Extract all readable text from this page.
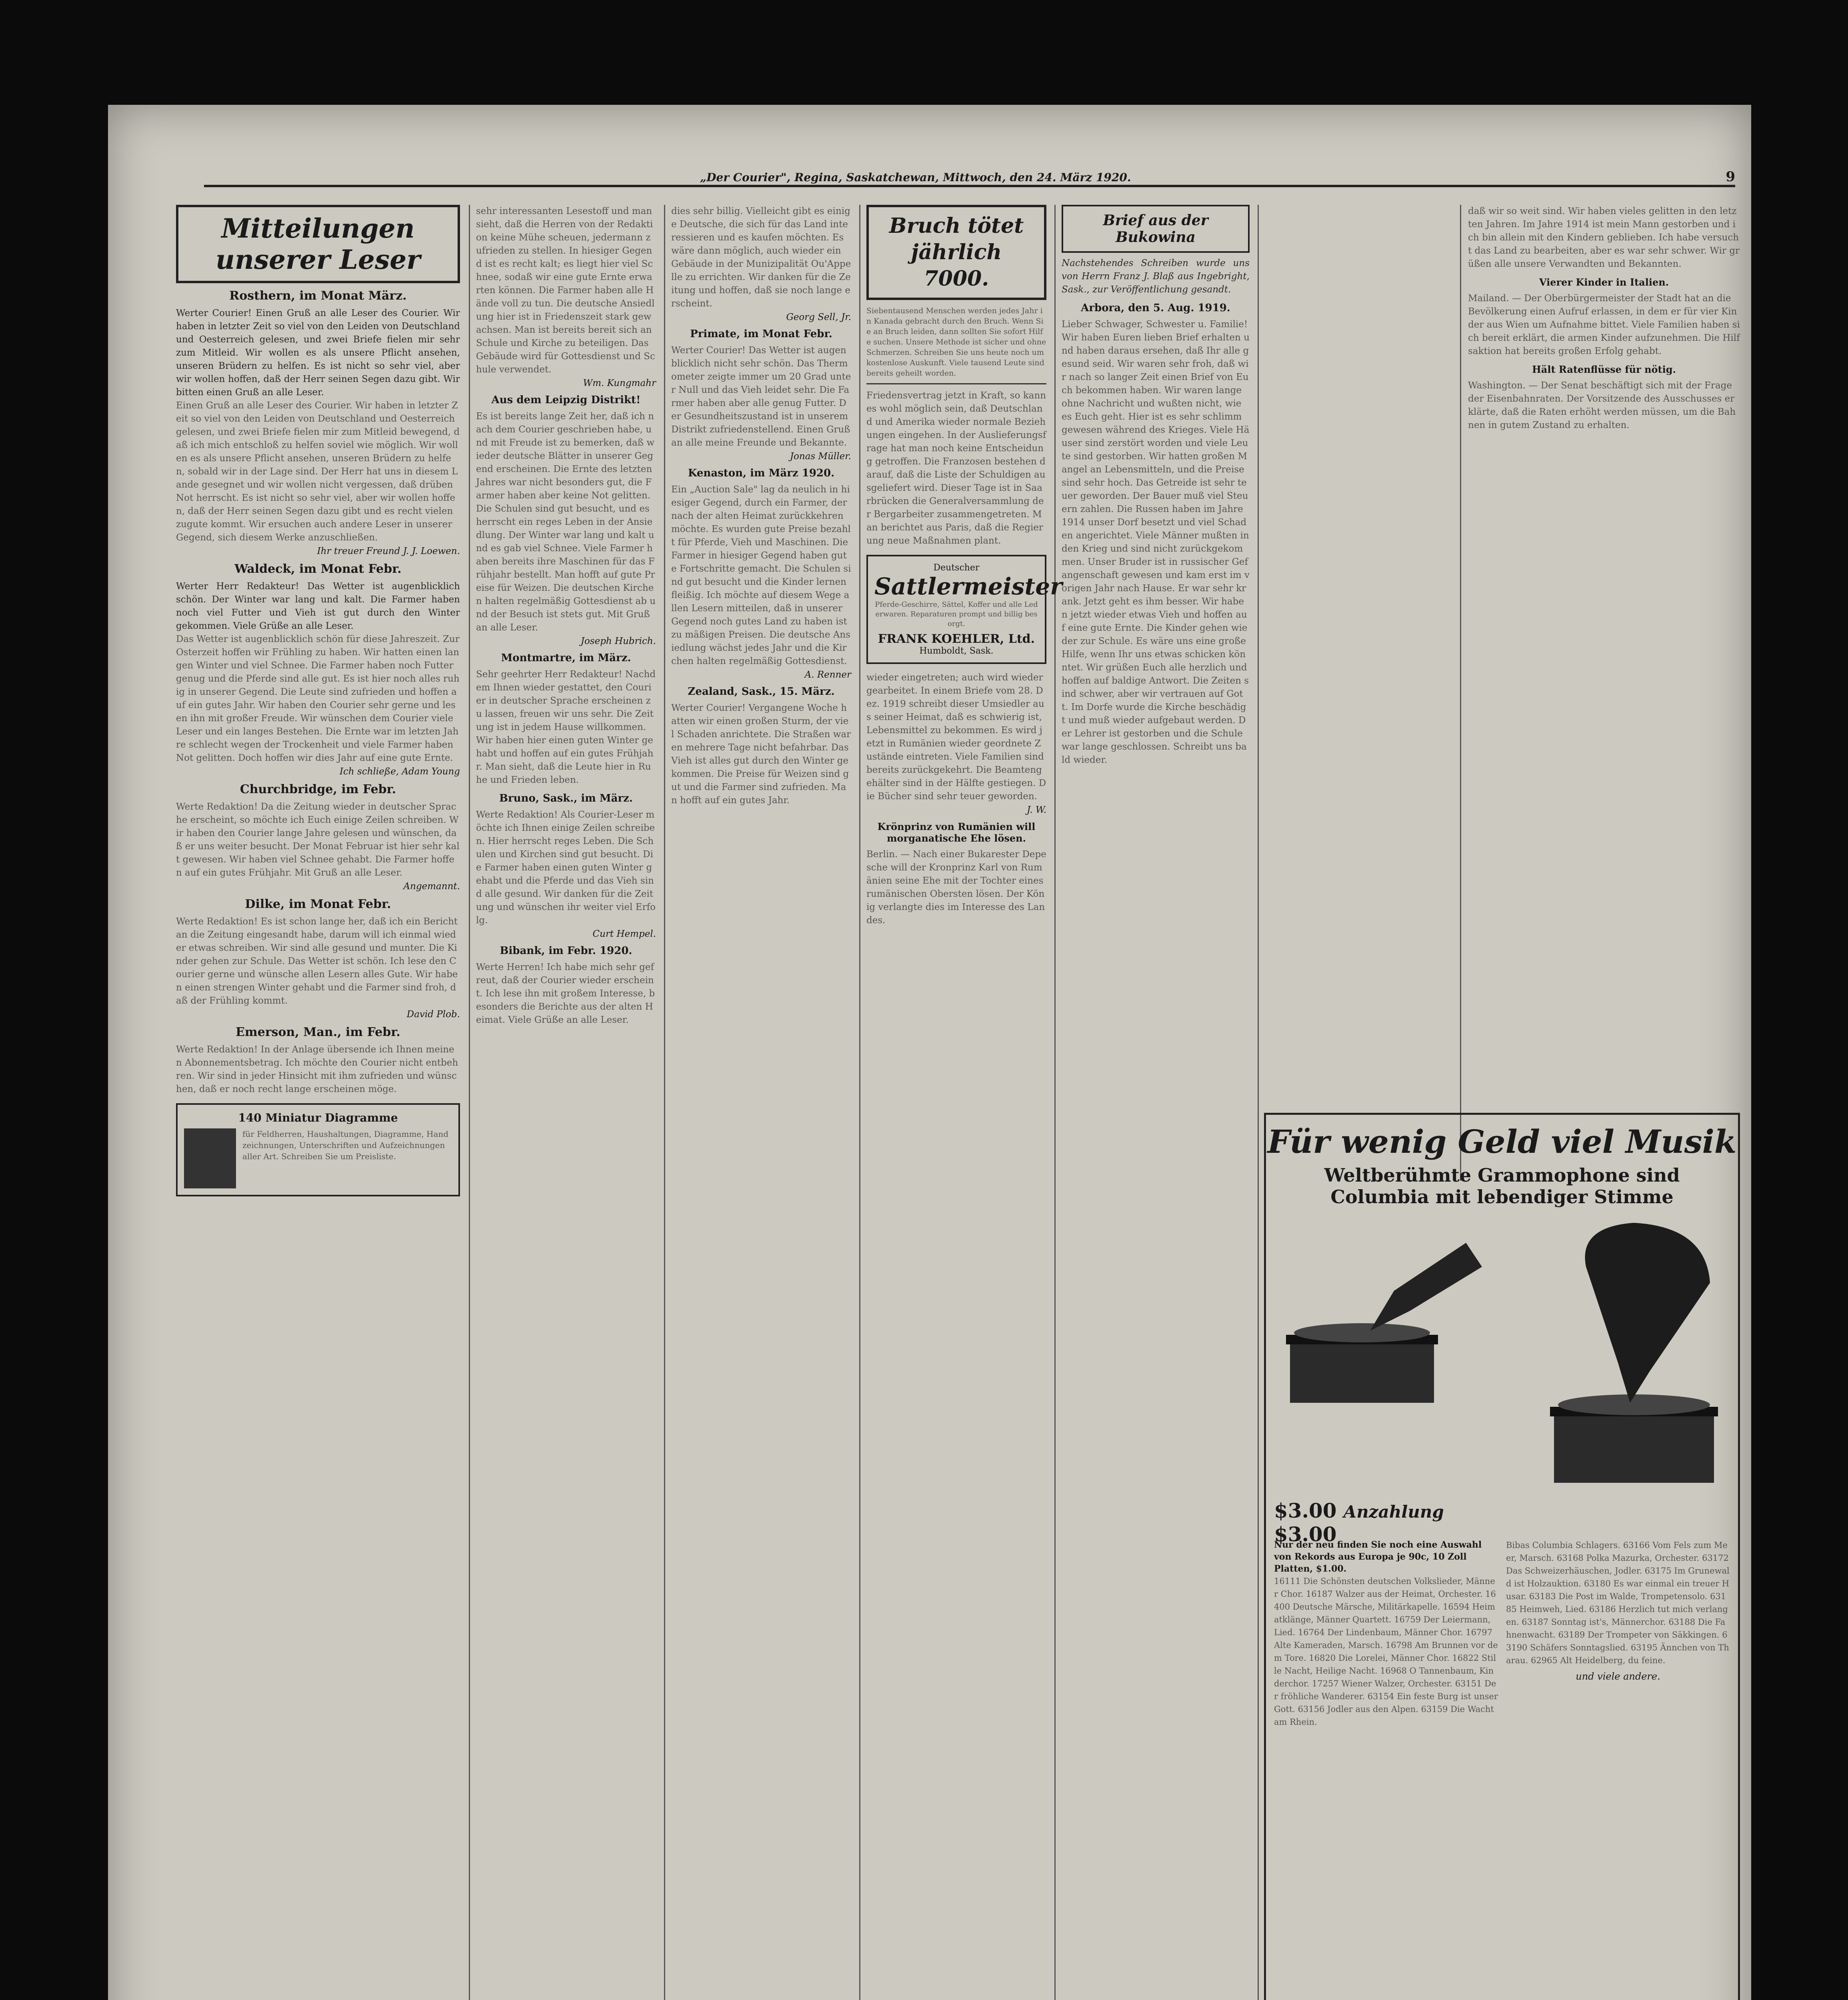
„Der Courier", Regina, Saskatchewan, Mittwoch, den 24. März 1920.	9
Mitteilungen unserer Leser
Rosthern, im Monat März.

Werter Courier! Einen Gruß an alle Leser des Courier. Wir haben in letzter Zeit so viel von den Leiden von Deutschland und Oesterreich gelesen, und zwei Briefe fielen mir sehr zum Mitleid. Wir wollen es als unsere Pflicht ansehen, unseren Brüdern zu helfen. Es ist nicht so sehr viel, aber wir wollen hoffen, daß der Herr seinen Segen dazu gibt. Wir bitten einen Gruß an alle Leser.

Einen Gruß an alle Leser des Courier. Wir haben in letzter Zeit so viel von den Leiden von Deutschland und Oesterreich gelesen, und zwei Briefe fielen mir zum Mitleid bewegend, daß ich mich entschloß zu helfen soviel wie möglich. Wir wollen es als unsere Pflicht ansehen, unseren Brüdern zu helfen, sobald wir in der Lage sind. Der Herr hat uns in diesem Lande gesegnet und wir wollen nicht vergessen, daß drüben Not herrscht. Es ist nicht so sehr viel, aber wir wollen hoffen, daß der Herr seinen Segen dazu gibt und es recht vielen zugute kommt. Wir ersuchen auch andere Leser in unserer Gegend, sich diesem Werke anzuschließen.

Ihr treuer Freund J. J. Loewen.
Waldeck, im Monat Febr.

Werter Herr Redakteur! Das Wetter ist augenblicklich schön. Der Winter war lang und kalt. Die Farmer haben noch viel Futter und Vieh ist gut durch den Winter gekommen. Viele Grüße an alle Leser.

Das Wetter ist augenblicklich schön für diese Jahreszeit. Zur Osterzeit hoffen wir Frühling zu haben. Wir hatten einen langen Winter und viel Schnee. Die Farmer haben noch Futter genug und die Pferde sind alle gut. Es ist hier noch alles ruhig in unserer Gegend. Die Leute sind zufrieden und hoffen auf ein gutes Jahr. Wir haben den Courier sehr gerne und lesen ihn mit großer Freude. Wir wünschen dem Courier viele Leser und ein langes Bestehen. Die Ernte war im letzten Jahre schlecht wegen der Trockenheit und viele Farmer haben Not gelitten. Doch hoffen wir dies Jahr auf eine gute Ernte.

Ich schließe, Adam Young
Churchbridge, im Febr.

Werte Redaktion! Da die Zeitung wieder in deutscher Sprache erscheint, so möchte ich Euch einige Zeilen schreiben. Wir haben den Courier lange Jahre gelesen und wünschen, daß er uns weiter besucht. Der Monat Februar ist hier sehr kalt gewesen. Wir haben viel Schnee gehabt. Die Farmer hoffen auf ein gutes Frühjahr. Mit Gruß an alle Leser.

Angemannt.
Dilke, im Monat Febr.

Werte Redaktion! Es ist schon lange her, daß ich ein Bericht an die Zeitung eingesandt habe, darum will ich einmal wieder etwas schreiben. Wir sind alle gesund und munter. Die Kinder gehen zur Schule. Das Wetter ist schön. Ich lese den Courier gerne und wünsche allen Lesern alles Gute. Wir haben einen strengen Winter gehabt und die Farmer sind froh, daß der Frühling kommt.

David Plob.
Emerson, Man., im Febr.

Werte Redaktion! In der Anlage übersende ich Ihnen meinen Abonnementsbetrag. Ich möchte den Courier nicht entbehren. Wir sind in jeder Hinsicht mit ihm zufrieden und wünschen, daß er noch recht lange erscheinen möge.

140 Miniatur Diagramme

für Feldherren, Haushaltungen, Diagramme, Handzeichnungen, Unterschriften und Aufzeichnungen aller Art. Schreiben Sie um Preisliste.

sehr interessanten Lesestoff und man sieht, daß die Herren von der Redaktion keine Mühe scheuen, jedermann zufrieden zu stellen. In hiesiger Gegend ist es recht kalt; es liegt hier viel Schnee, sodaß wir eine gute Ernte erwarten können. Die Farmer haben alle Hände voll zu tun. Die deutsche Ansiedlung hier ist in Friedenszeit stark gewachsen. Man ist bereits bereit sich an Schule und Kirche zu beteiligen. Das Gebäude wird für Gottesdienst und Schule verwendet.

Wm. Kungmahr
Aus dem Leipzig Distrikt!

Es ist bereits lange Zeit her, daß ich nach dem Courier geschrieben habe, und mit Freude ist zu bemerken, daß wieder deutsche Blätter in unserer Gegend erscheinen. Die Ernte des letzten Jahres war nicht besonders gut, die Farmer haben aber keine Not gelitten. Die Schulen sind gut besucht, und es herrscht ein reges Leben in der Ansiedlung. Der Winter war lang und kalt und es gab viel Schnee. Viele Farmer haben bereits ihre Maschinen für das Frühjahr bestellt. Man hofft auf gute Preise für Weizen. Die deutschen Kirchen halten regelmäßig Gottesdienst ab und der Besuch ist stets gut. Mit Gruß an alle Leser.

Joseph Hubrich.
Montmartre, im März.

Sehr geehrter Herr Redakteur! Nachdem Ihnen wieder gestattet, den Courier in deutscher Sprache erscheinen zu lassen, freuen wir uns sehr. Die Zeitung ist in jedem Hause willkommen. Wir haben hier einen guten Winter gehabt und hoffen auf ein gutes Frühjahr. Man sieht, daß die Leute hier in Ruhe und Frieden leben.

Bruno, Sask., im März.

Werte Redaktion! Als Courier-Leser möchte ich Ihnen einige Zeilen schreiben. Hier herrscht reges Leben. Die Schulen und Kirchen sind gut besucht. Die Farmer haben einen guten Winter gehabt und die Pferde und das Vieh sind alle gesund. Wir danken für die Zeitung und wünschen ihr weiter viel Erfolg.

Curt Hempel.
Bibank, im Febr. 1920.

Werte Herren! Ich habe mich sehr gefreut, daß der Courier wieder erscheint. Ich lese ihn mit großem Interesse, besonders die Berichte aus der alten Heimat. Viele Grüße an alle Leser.

dies sehr billig. Vielleicht gibt es einige Deutsche, die sich für das Land interessieren und es kaufen möchten. Es wäre dann möglich, auch wieder ein Gebäude in der Munizipalität Ou'Appelle zu errichten. Wir danken für die Zeitung und hoffen, daß sie noch lange erscheint.

Georg Sell, Jr.
Primate, im Monat Febr.

Werter Courier! Das Wetter ist augenblicklich nicht sehr schön. Das Thermometer zeigte immer um 20 Grad unter Null und das Vieh leidet sehr. Die Farmer haben aber alle genug Futter. Der Gesundheitszustand ist in unserem Distrikt zufriedenstellend. Einen Gruß an alle meine Freunde und Bekannte.

Jonas Müller.
Kenaston, im März 1920.

Ein „Auction Sale" lag da neulich in hiesiger Gegend, durch ein Farmer, der nach der alten Heimat zurückkehren möchte. Es wurden gute Preise bezahlt für Pferde, Vieh und Maschinen. Die Farmer in hiesiger Gegend haben gute Fortschritte gemacht. Die Schulen sind gut besucht und die Kinder lernen fleißig. Ich möchte auf diesem Wege allen Lesern mitteilen, daß in unserer Gegend noch gutes Land zu haben ist zu mäßigen Preisen. Die deutsche Ansiedlung wächst jedes Jahr und die Kirchen halten regelmäßig Gottesdienst.

A. Renner
Zealand, Sask., 15. März.

Werter Courier! Vergangene Woche hatten wir einen großen Sturm, der viel Schaden anrichtete. Die Straßen waren mehrere Tage nicht befahrbar. Das Vieh ist alles gut durch den Winter gekommen. Die Preise für Weizen sind gut und die Farmer sind zufrieden. Man hofft auf ein gutes Jahr.

Bruch tötet jährlich 7000.

Siebentausend Menschen werden jedes Jahr in Kanada gebracht durch den Bruch. Wenn Sie an Bruch leiden, dann sollten Sie sofort Hilfe suchen. Unsere Methode ist sicher und ohne Schmerzen. Schreiben Sie uns heute noch um kostenlose Auskunft. Viele tausend Leute sind bereits geheilt worden.

Friedensvertrag jetzt in Kraft, so kann es wohl möglich sein, daß Deutschland und Amerika wieder normale Beziehungen eingehen. In der Auslieferungsfrage hat man noch keine Entscheidung getroffen. Die Franzosen bestehen darauf, daß die Liste der Schuldigen ausgeliefert wird. Dieser Tage ist in Saarbrücken die Generalversammlung der Bergarbeiter zusammengetreten. Man berichtet aus Paris, daß die Regierung neue Maßnahmen plant.

Deutscher
Sattlermeister

Pferde-Geschirre, Sättel, Koffer und alle Lederwaren. Reparaturen prompt und billig besorgt.

FRANK KOEHLER, Ltd.
Humboldt, Sask.

wieder eingetreten; auch wird wieder gearbeitet. In einem Briefe vom 28. Dez. 1919 schreibt dieser Umsiedler aus seiner Heimat, daß es schwierig ist, Lebensmittel zu bekommen. Es wird jetzt in Rumänien wieder geordnete Zustände eintreten. Viele Familien sind bereits zurückgekehrt. Die Beamtengehälter sind in der Hälfte gestiegen. Die Bücher sind sehr teuer geworden.

J. W.
Krönprinz von Rumänien will morganatische Ehe lösen.

Berlin. — Nach einer Bukarester Depesche will der Kronprinz Karl von Rumänien seine Ehe mit der Tochter eines rumänischen Obersten lösen. Der König verlangte dies im Interesse des Landes.

Brief aus der Bukowina

Nachstehendes Schreiben wurde uns von Herrn Franz J. Blaß aus Ingebright, Sask., zur Veröffentlichung gesandt.

Arbora, den 5. Aug. 1919.

Lieber Schwager, Schwester u. Familie! Wir haben Euren lieben Brief erhalten und haben daraus ersehen, daß Ihr alle gesund seid. Wir waren sehr froh, daß wir nach so langer Zeit einen Brief von Euch bekommen haben. Wir waren lange ohne Nachricht und wußten nicht, wie es Euch geht. Hier ist es sehr schlimm gewesen während des Krieges. Viele Häuser sind zerstört worden und viele Leute sind gestorben. Wir hatten großen Mangel an Lebensmitteln, und die Preise sind sehr hoch. Das Getreide ist sehr teuer geworden. Der Bauer muß viel Steuern zahlen. Die Russen haben im Jahre 1914 unser Dorf besetzt und viel Schaden angerichtet. Viele Männer mußten in den Krieg und sind nicht zurückgekommen. Unser Bruder ist in russischer Gefangenschaft gewesen und kam erst im vorigen Jahr nach Hause. Er war sehr krank. Jetzt geht es ihm besser. Wir haben jetzt wieder etwas Vieh und hoffen auf eine gute Ernte. Die Kinder gehen wieder zur Schule. Es wäre uns eine große Hilfe, wenn Ihr uns etwas schicken könntet. Wir grüßen Euch alle herzlich und hoffen auf baldige Antwort. Die Zeiten sind schwer, aber wir vertrauen auf Gott. Im Dorfe wurde die Kirche beschädigt und muß wieder aufgebaut werden. Der Lehrer ist gestorben und die Schule war lange geschlossen. Schreibt uns bald wieder.

daß wir so weit sind. Wir haben vieles gelitten in den letzten Jahren. Im Jahre 1914 ist mein Mann gestorben und ich bin allein mit den Kindern geblieben. Ich habe versucht das Land zu bearbeiten, aber es war sehr schwer. Wir grüßen alle unsere Verwandten und Bekannten.

Vierer Kinder in Italien.

Mailand. — Der Oberbürgermeister der Stadt hat an die Bevölkerung einen Aufruf erlassen, in dem er für vier Kinder aus Wien um Aufnahme bittet. Viele Familien haben sich bereit erklärt, die armen Kinder aufzunehmen. Die Hilfsaktion hat bereits großen Erfolg gehabt.

Hält Ratenflüsse für nötig.

Washington. — Der Senat beschäftigt sich mit der Frage der Eisenbahnraten. Der Vorsitzende des Ausschusses erklärte, daß die Raten erhöht werden müssen, um die Bahnen in gutem Zustand zu erhalten.

Für wenig Geld viel Musik
Weltberühmte Grammophone sind
Columbia mit lebendiger Stimme
$3.00 Anzahlung $3.00
Nur der neu finden Sie noch eine Auswahl von Rekords aus Europa je 90c, 10 Zoll Platten, $1.00.

16111 Die Schönsten deutschen Volkslieder, Männer Chor. 16187 Walzer aus der Heimat, Orchester. 16400 Deutsche Märsche, Militärkapelle. 16594 Heimatklänge, Männer Quartett. 16759 Der Leiermann, Lied. 16764 Der Lindenbaum, Männer Chor. 16797 Alte Kameraden, Marsch. 16798 Am Brunnen vor dem Tore. 16820 Die Lorelei, Männer Chor. 16822 Stille Nacht, Heilige Nacht. 16968 O Tannenbaum, Kinderchor. 17257 Wiener Walzer, Orchester. 63151 Der fröhliche Wanderer. 63154 Ein feste Burg ist unser Gott. 63156 Jodler aus den Alpen. 63159 Die Wacht am Rhein.

Bibas Columbia Schlagers. 63166 Vom Fels zum Meer, Marsch. 63168 Polka Mazurka, Orchester. 63172 Das Schweizerhäuschen, Jodler. 63175 Im Grunewald ist Holzauktion. 63180 Es war einmal ein treuer Husar. 63183 Die Post im Walde, Trompetensolo. 63185 Heimweh, Lied. 63186 Herzlich tut mich verlangen. 63187 Sonntag ist's, Männerchor. 63188 Die Fahnenwacht. 63189 Der Trompeter von Säkkingen. 63190 Schäfers Sonntagslied. 63195 Ännchen von Tharau. 62965 Alt Heidelberg, du feine.

und viele andere.
